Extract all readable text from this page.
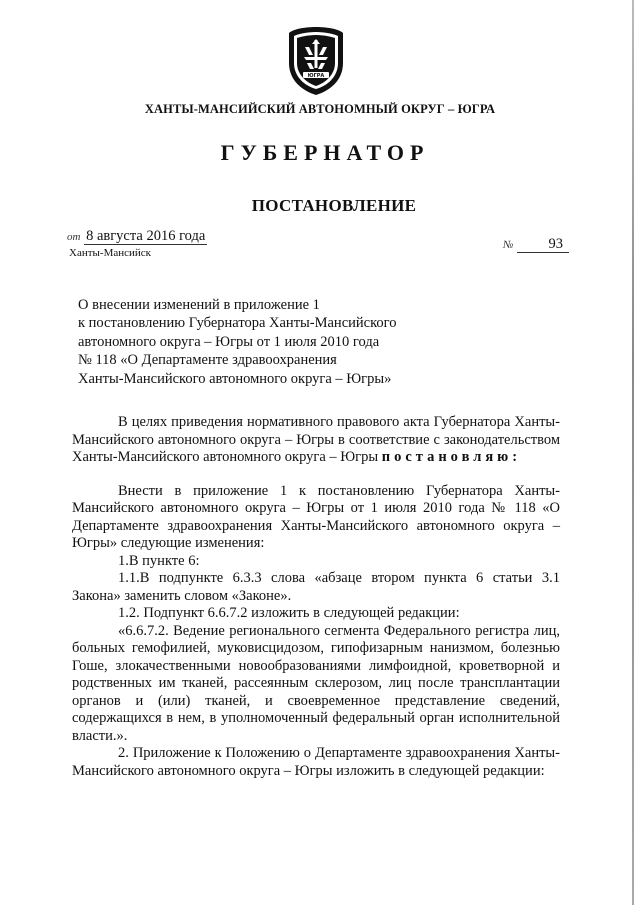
ЮГРА
ХАНТЫ-МАНСИЙСКИЙ АВТОНОМНЫЙ ОКРУГ – ЮГРА
ГУБЕРНАТОР
ПОСТАНОВЛЕНИЕ
от 8 августа 2016 года
Ханты-Мансийск
№ 93
О внесении изменений в приложение 1
к постановлению Губернатора Ханты-Мансийского
автономного округа – Югры от 1 июля 2010 года
№ 118 «О Департаменте здравоохранения
Ханты-Мансийского автономного округа – Югры»

В целях приведения нормативного правового акта Губернатора Ханты-Мансийского автономного округа – Югры в соответствие с законодательством Ханты-Мансийского автономного округа – Югры постановляю:

Внести в приложение 1 к постановлению Губернатора Ханты-Мансийского автономного округа – Югры от 1 июля 2010 года № 118 «О Департаменте здравоохранения Ханты-Мансийского автономного округа – Югры» следующие изменения:

1.В пункте 6:

1.1.В подпункте 6.3.3 слова «абзаце втором пункта 6 статьи 3.1 Закона» заменить словом «Законе».

1.2. Подпункт 6.6.7.2 изложить в следующей редакции:

«6.6.7.2. Ведение регионального сегмента Федерального регистра лиц, больных гемофилией, муковисцидозом, гипофизарным нанизмом, болезнью Гоше, злокачественными новообразованиями лимфоидной, кроветворной и родственных им тканей, рассеянным склерозом, лиц после трансплантации органов и (или) тканей, и своевременное представление сведений, содержащихся в нем, в уполномоченный федеральный орган исполнительной власти.».

2. Приложение к Положению о Департаменте здравоохранения Ханты-Мансийского автономного округа – Югры изложить в следующей редакции:
